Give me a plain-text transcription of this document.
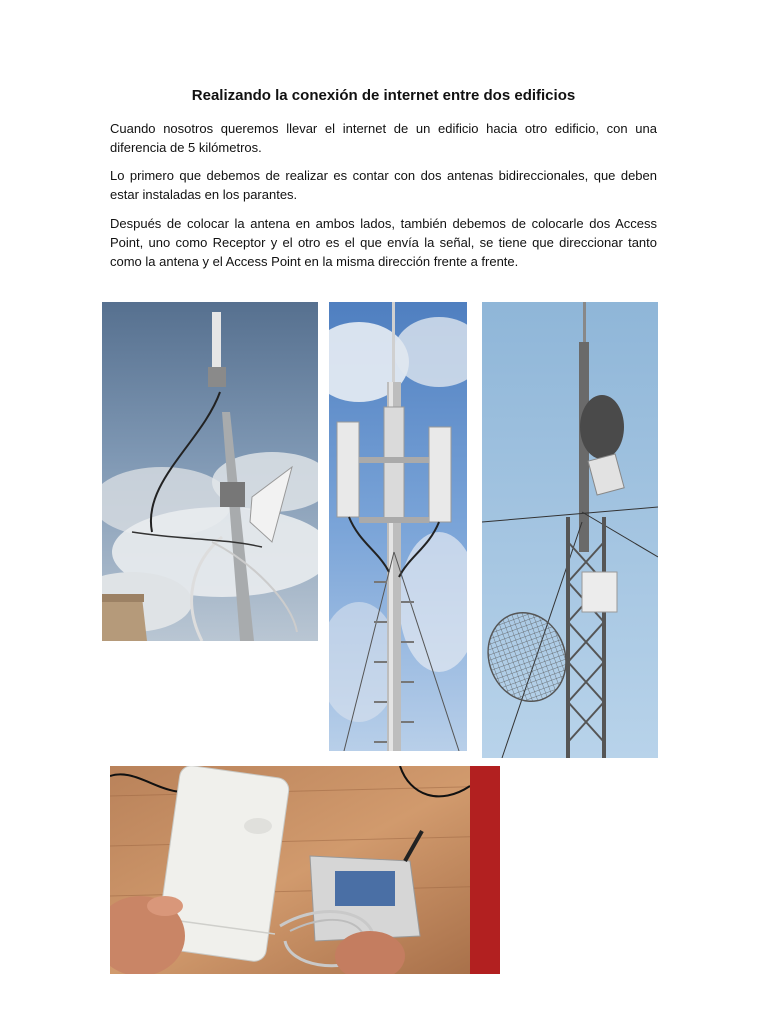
Realizando la conexión de internet entre dos edificios

Cuando nosotros queremos llevar el internet de un edificio hacia otro edificio, con una diferencia de 5 kilómetros.

Lo primero que debemos de realizar es contar con dos antenas bidireccionales, que deben estar instaladas en los parantes.

Después de colocar la antena en ambos lados, también debemos de colocarle dos Access Point, uno como Receptor y el otro es el que envía la señal, se tiene que direccionar tanto como la antena y el Access Point en la misma dirección frente a frente.
